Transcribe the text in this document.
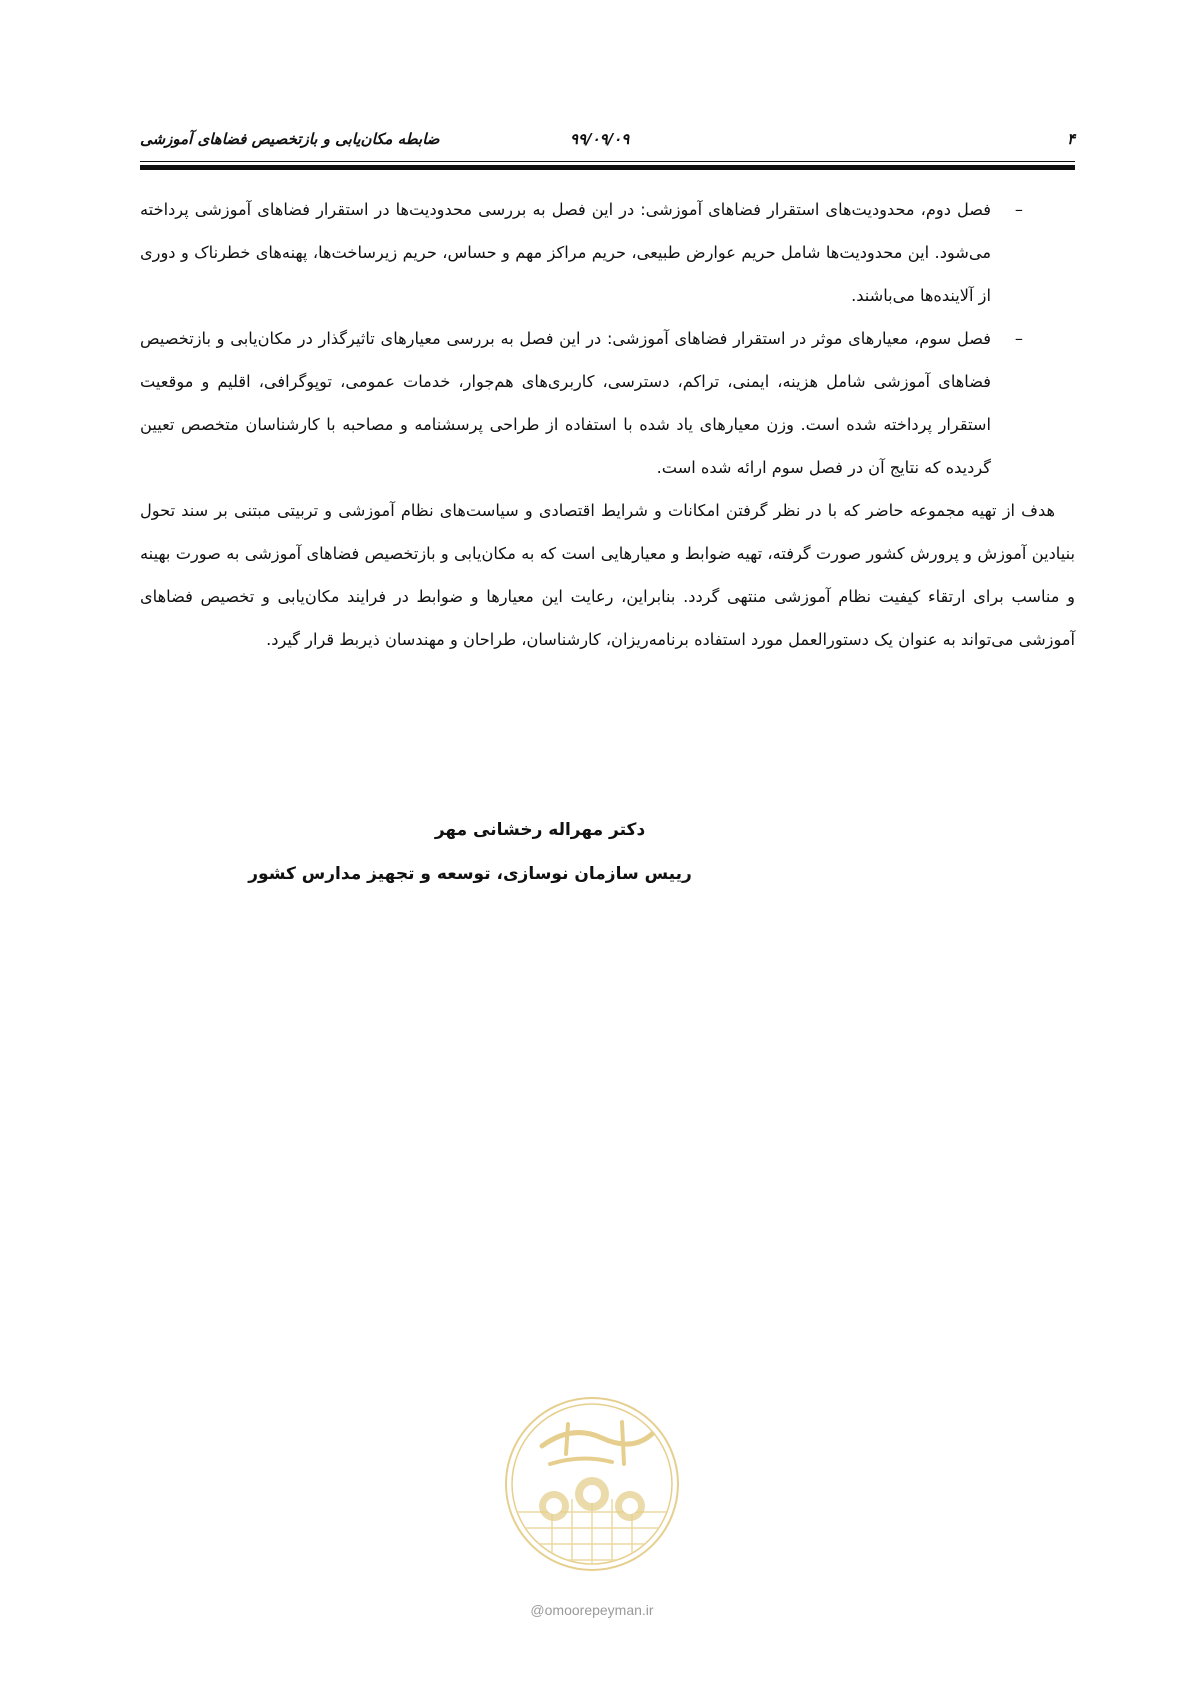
۴
۹۹/۰۹/۰۹
ضابطه مکان‌یابی و بازتخصیص فضاهای آموزشی
–
فصل دوم، محدودیت‌های استقرار فضاهای آموزشی: در این فصل به بررسی محدودیت‌ها در استقرار فضاهای آموزشی پرداخته می‌شود. این محدودیت‌ها شامل حریم عوارض طبیعی، حریم مراکز مهم و حساس، حریم زیرساخت‌ها، پهنه‌های خطرناک و دوری از آلاینده‌ها می‌باشند.
–
فصل سوم، معیارهای موثر در استقرار فضاهای آموزشی: در این فصل به بررسی معیارهای تاثیرگذار در مکان‌یابی و بازتخصیص فضاهای آموزشی شامل هزینه، ایمنی، تراکم، دسترسی، کاربری‌های هم‌جوار، خدمات عمومی، توپوگرافی، اقلیم و موقعیت استقرار پرداخته شده است. وزن معیارهای یاد شده با استفاده از طراحی پرسشنامه و مصاحبه با کارشناسان متخصص تعیین گردیده که نتایج آن در فصل سوم ارائه شده است.

هدف از تهیه مجموعه حاضر که با در نظر گرفتن امکانات و شرایط اقتصادی و سیاست‌های نظام آموزشی و تربیتی مبتنی بر سند تحول بنیادین آموزش و پرورش کشور صورت گرفته، تهیه ضوابط و معیارهایی است که به مکان‌یابی و بازتخصیص فضاهای آموزشی به صورت بهینه و مناسب برای ارتقاء کیفیت نظام آموزشی منتهی گردد. بنابراین، رعایت این معیارها و ضوابط در فرایند مکان‌یابی و تخصیص فضاهای آموزشی می‌تواند به عنوان یک دستورالعمل مورد استفاده برنامه‌ریزان، کارشناسان، طراحان و مهندسان ذیربط قرار گیرد.

دکتر مهراله رخشانی مهر
رییس سازمان نوسازی، توسعه و تجهیز مدارس کشور
@omoorepeyman.ir
